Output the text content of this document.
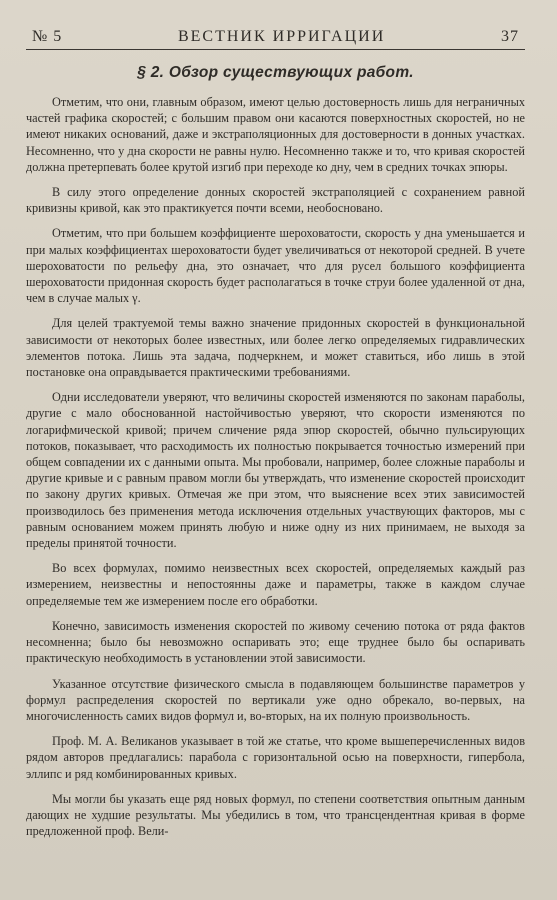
№ 5	ВЕСТНИК ИРРИГАЦИИ	37
§ 2. Обзор существующих работ.

Отметим, что они, главным образом, имеют целью достоверность лишь для неграничных частей графика скоростей; с большим правом они касаются поверхностных скоростей, но не имеют никаких оснований, даже и экстраполяционных для достоверности в донных участках. Несомненно, что у дна скорости не равны нулю. Несомненно также и то, что кривая скоростей должна претерпевать более крутой изгиб при переходе ко дну, чем в средних точках эпюры.

В силу этого определение донных скоростей экстраполяцией с сохранением равной кривизны кривой, как это практикуется почти всеми, необосновано.

Отметим, что при большем коэффициенте шероховатости, скорость у дна уменьшается и при малых коэффициентах шероховатости будет увеличиваться от некоторой средней. В учете шероховатости по рельефу дна, это означает, что для русел большого коэффициента шероховатости придонная скорость будет располагаться в точке струи более удаленной от дна, чем в случае малых γ.

Для целей трактуемой темы важно значение придонных скоростей в функциональной зависимости от некоторых более известных, или более легко определяемых гидравлических элементов потока. Лишь эта задача, подчеркнем, и может ставиться, ибо лишь в этой постановке она оправдывается практическими требованиями.

Одни исследователи уверяют, что величины скоростей изменяются по законам параболы, другие с мало обоснованной настойчивостью уверяют, что скорости изменяются по логарифмической кривой; причем сличение ряда эпюр скоростей, обычно пульсирующих потоков, показывает, что расходимость их полностью покрывается точностью измерений при общем совпадении их с данными опыта. Мы пробовали, например, более сложные параболы и другие кривые и с равным правом могли бы утверждать, что изменение скоростей происходит по закону других кривых. Отмечая же при этом, что выяснение всех этих зависимостей производилось без применения метода исключения отдельных участвующих факторов, мы с равным основанием можем принять любую и ниже одну из них принимаем, не выходя за пределы принятой точности.

Во всех формулах, помимо неизвестных всех скоростей, определяемых каждый раз измерением, неизвестны и непостоянны даже и параметры, также в каждом случае определяемые тем же измерением после его обработки.

Конечно, зависимость изменения скоростей по живому сечению потока от ряда фактов несомненна; было бы невозможно оспаривать это; еще труднее было бы оспаривать практическую необходимость в установлении этой зависимости.

Указанное отсутствие физического смысла в подавляющем большинстве параметров у формул распределения скоростей по вертикали уже одно обрекало, во-первых, на многочисленность самих видов формул и, во-вторых, на их полную произвольность.

Проф. М. А. Великанов указывает в той же статье, что кроме вышеперечисленных видов рядом авторов предлагались: парабола с горизонтальной осью на поверхности, гипербола, эллипс и ряд комбинированных кривых.

Мы могли бы указать еще ряд новых формул, по степени соответствия опытным данным дающих не худшие результаты. Мы убедились в том, что трансцендентная кривая в форме предложенной проф. Вели-
